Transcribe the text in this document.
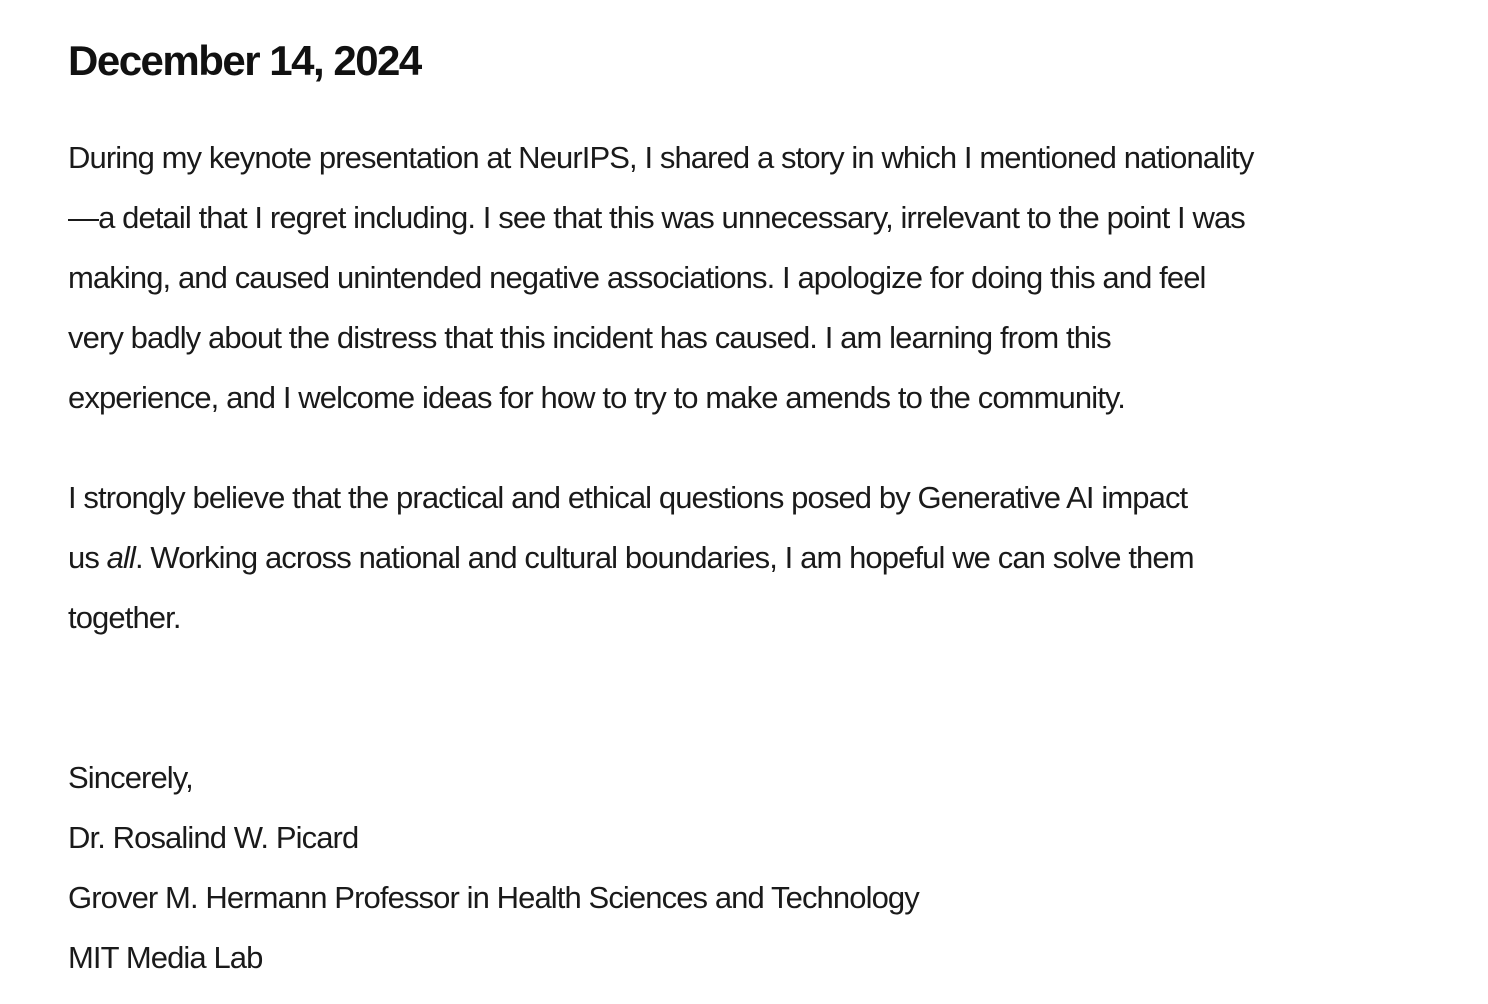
December 14, 2024
During my keynote presentation at NeurIPS, I shared a story in which I mentioned nationality
—a detail that I regret including. I see that this was unnecessary, irrelevant to the point I was
making, and caused unintended negative associations. I apologize for doing this and feel
very badly about the distress that this incident has caused. I am learning from this
experience, and I welcome ideas for how to try to make amends to the community.
I strongly believe that the practical and ethical questions posed by Generative AI impact
us all. Working across national and cultural boundaries, I am hopeful we can solve them
together.
Sincerely,
Dr. Rosalind W. Picard
Grover M. Hermann Professor in Health Sciences and Technology
MIT Media Lab
